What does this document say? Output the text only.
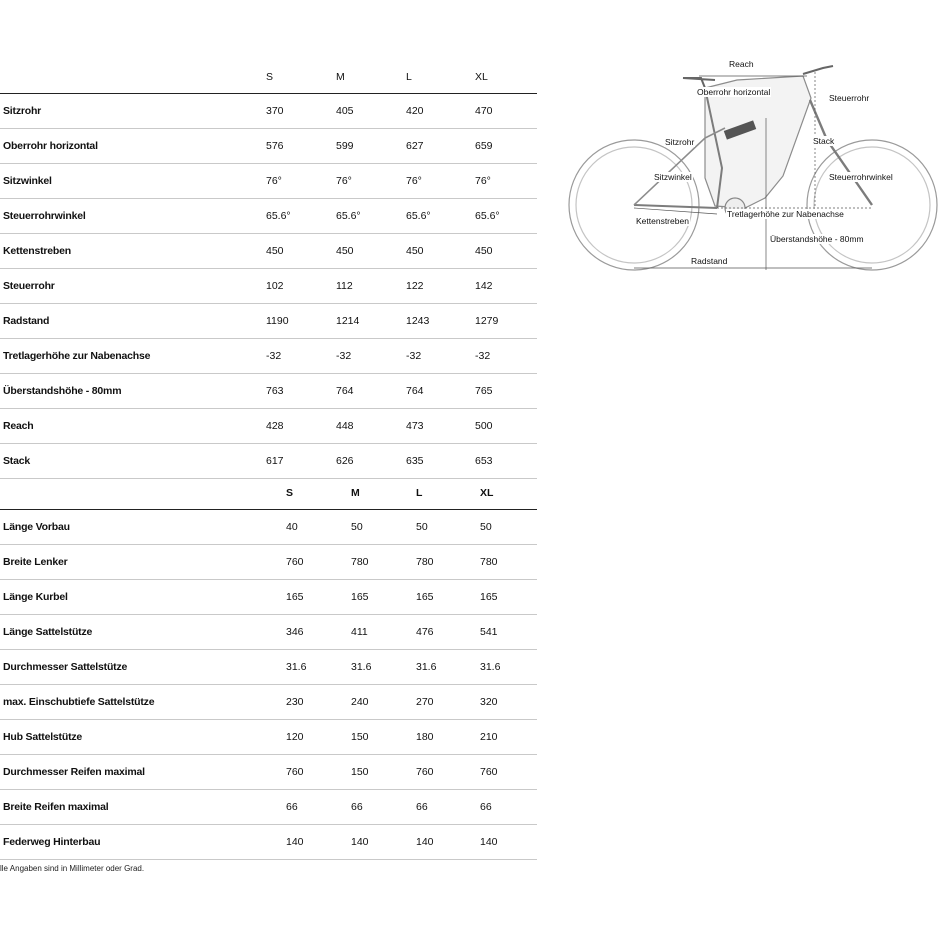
S	M	L	XL
Sitzrohr	370	405	420	470
Oberrohr horizontal	576	599	627	659
Sitzwinkel	76°	76°	76°	76°
Steuerrohrwinkel	65.6°	65.6°	65.6°	65.6°
Kettenstreben	450	450	450	450
Steuerrohr	102	112	122	142
Radstand	1190	1214	1243	1279
Tretlagerhöhe zur Nabenachse	-32	-32	-32	-32
Überstandshöhe - 80mm	763	764	764	765
Reach	428	448	473	500
Stack	617	626	635	653
S	M	L	XL
Länge Vorbau	40	50	50	50
Breite Lenker	760	780	780	780
Länge Kurbel	165	165	165	165
Länge Sattelstütze	346	411	476	541
Durchmesser Sattelstütze	31.6	31.6	31.6	31.6
max. Einschubtiefe Sattelstütze	230	240	270	320
Hub Sattelstütze	120	150	180	210
Durchmesser Reifen maximal	760	150	760	760
Breite Reifen maximal	66	66	66	66
Federweg Hinterbau	140	140	140	140
lle Angaben sind in Millimeter oder Grad.
Reach
Oberrohr horizontal
Steuerrohr
Sitzrohr	Stack
Sitzwinkel	Steuerrohrwinkel
Tretlagerhöhe zur Nabenachse
Kettenstreben
Überstandshöhe - 80mm
Radstand
